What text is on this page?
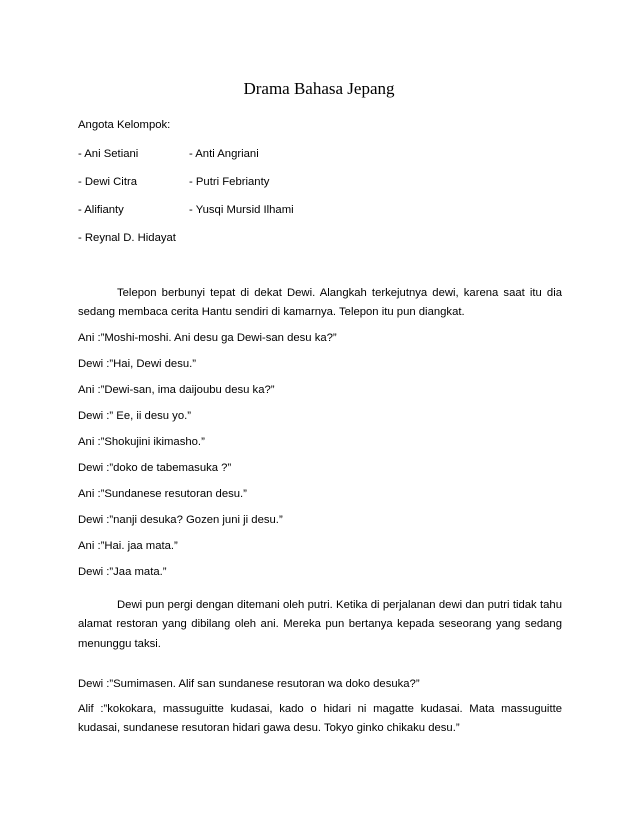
Drama Bahasa Jepang
Angota Kelompok:
- Ani Setiani	- Anti Angriani
- Dewi Citra	- Putri Febrianty
- Alifianty	- Yusqi Mursid Ilhami
- Reynal D. Hidayat
Telepon berbunyi tepat di dekat Dewi. Alangkah terkejutnya dewi, karena saat itu dia sedang membaca cerita Hantu sendiri di kamarnya. Telepon itu pun diangkat.
Ani :”Moshi-moshi. Ani desu ga Dewi-san desu ka?”
Dewi :”Hai, Dewi desu.”
Ani :”Dewi-san, ima daijoubu desu ka?”
Dewi :” Ee, ii desu yo.”
Ani :”Shokujini ikimasho.”
Dewi :”doko de tabemasuka ?”
Ani :”Sundanese resutoran desu.”
Dewi :”nanji desuka? Gozen juni ji desu.”
Ani :”Hai. jaa mata.”
Dewi :”Jaa mata.”
Dewi pun pergi dengan ditemani oleh putri. Ketika di perjalanan dewi dan putri tidak tahu alamat restoran yang dibilang oleh ani. Mereka pun bertanya kepada seseorang yang sedang menunggu taksi.
Dewi :”Sumimasen. Alif san sundanese resutoran wa doko desuka?”
Alif :”kokokara, massuguitte kudasai, kado o hidari ni magatte kudasai. Mata massuguitte kudasai, sundanese resutoran hidari gawa desu. Tokyo ginko chikaku desu.”
